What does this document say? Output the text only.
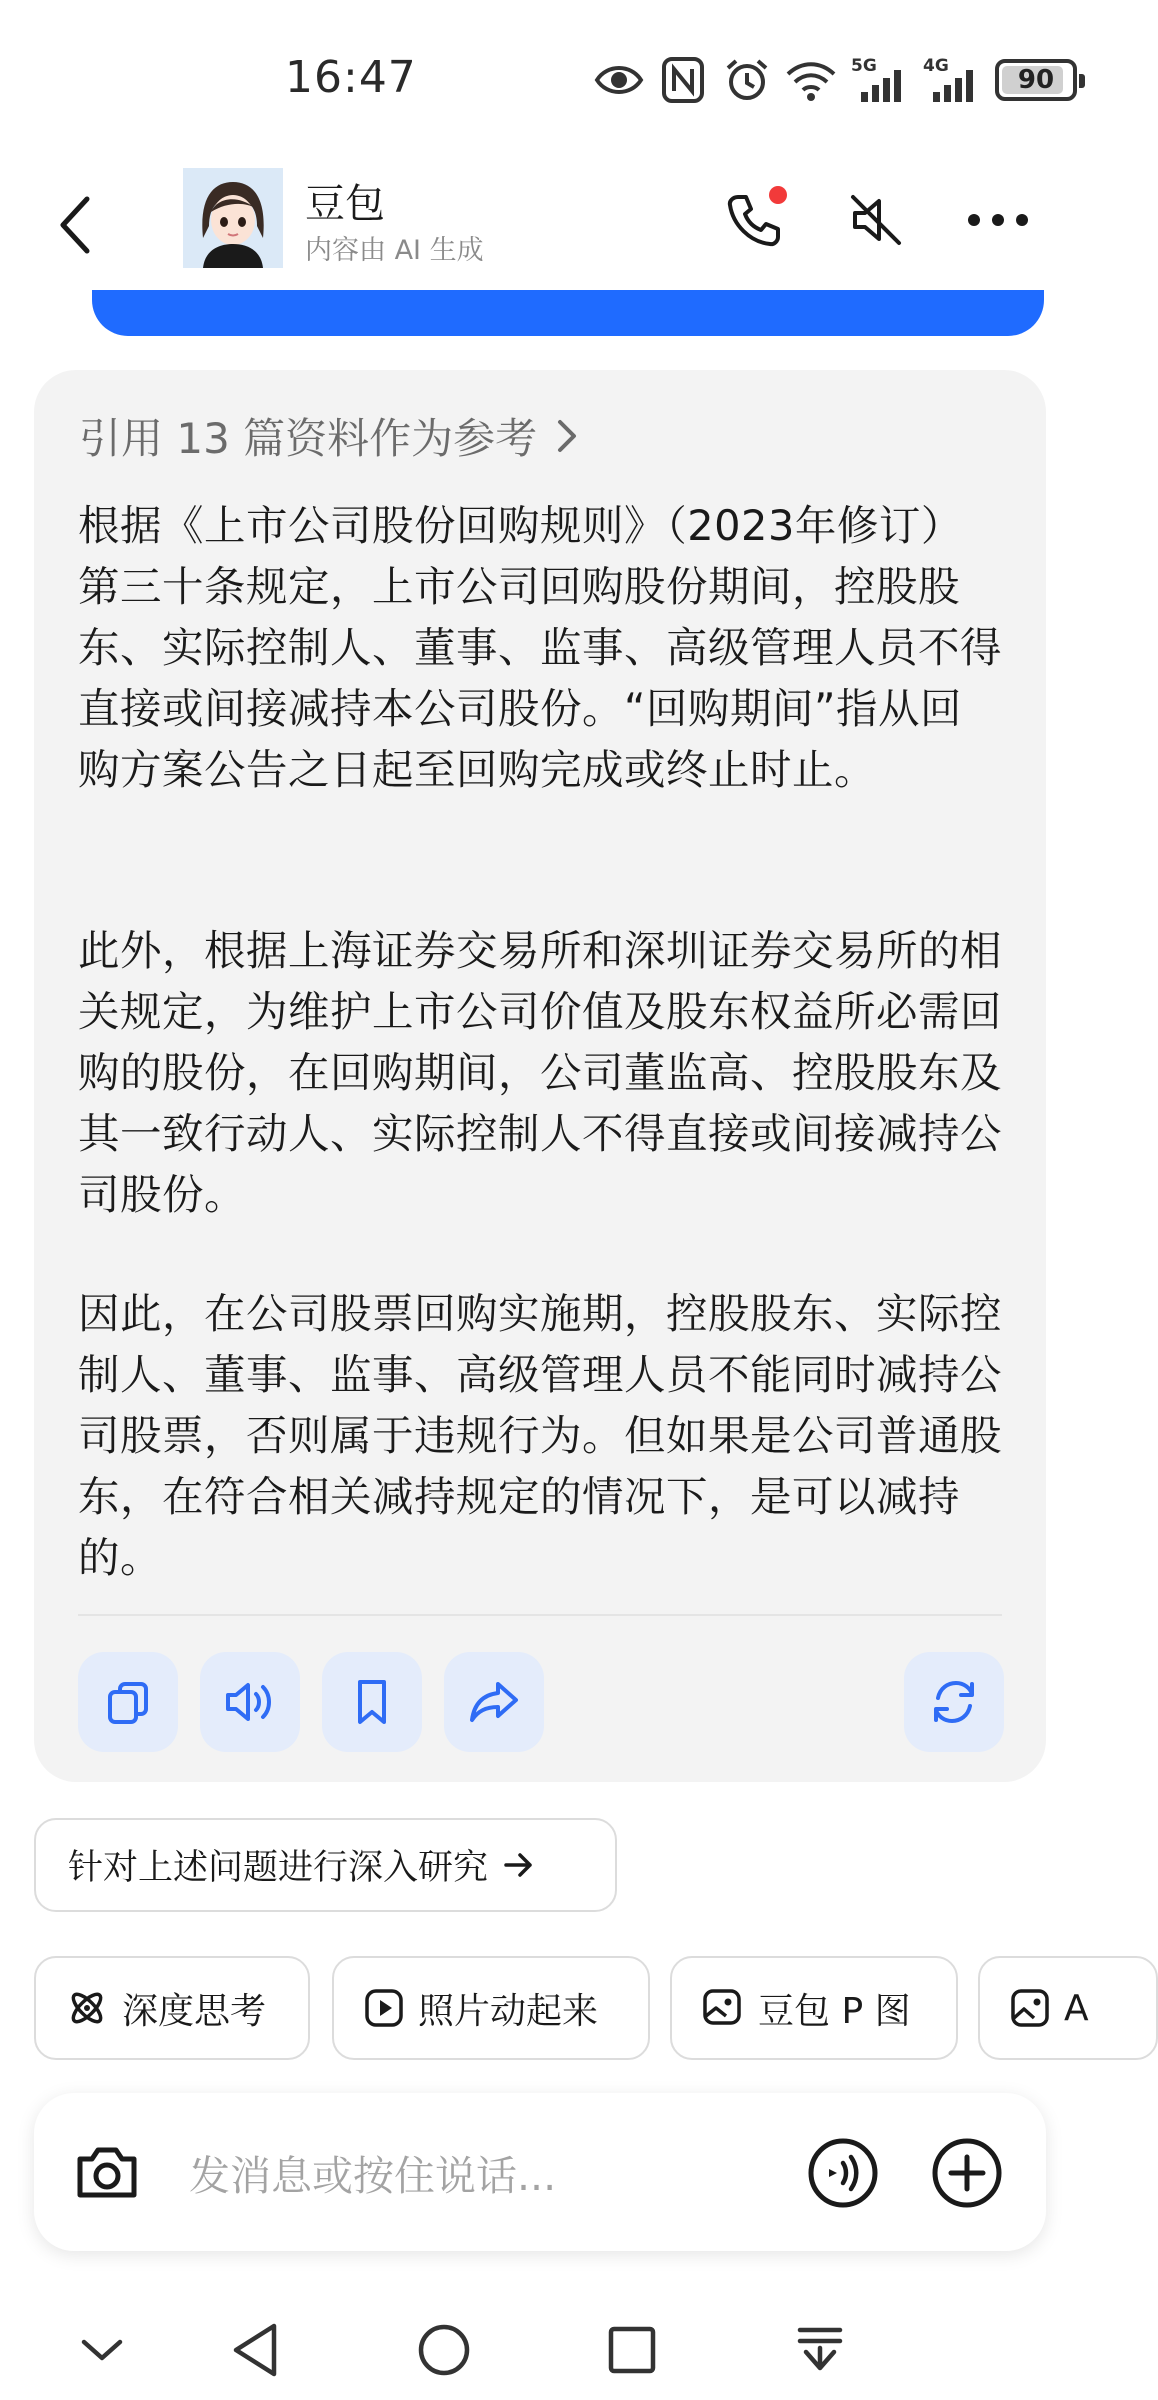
16:47	5G	4G	90
豆包
内容由 AI 生成
引用 13 篇资料作为参考

根据《上市公司股份回购规则》（2023年修订）第三十条规定，上市公司回购股份期间，控股股东、实际控制人、董事、监事、高级管理人员不得直接或间接减持本公司股份。“回购期间”指从回购方案公告之日起至回购完成或终止时止。

此外，根据上海证券交易所和深圳证券交易所的相关规定，为维护上市公司价值及股东权益所必需回购的股份，在回购期间，公司董监高、控股股东及其一致行动人、实际控制人不得直接或间接减持公司股份。

因此，在公司股票回购实施期，控股股东、实际控制人、董事、监事、高级管理人员不能同时减持公司股票，否则属于违规行为。但如果是公司普通股东，在符合相关减持规定的情况下，是可以减持的。

针对上述问题进行深入研究
深度思考	照片动起来	豆包 P 图	A
发消息或按住说话...
